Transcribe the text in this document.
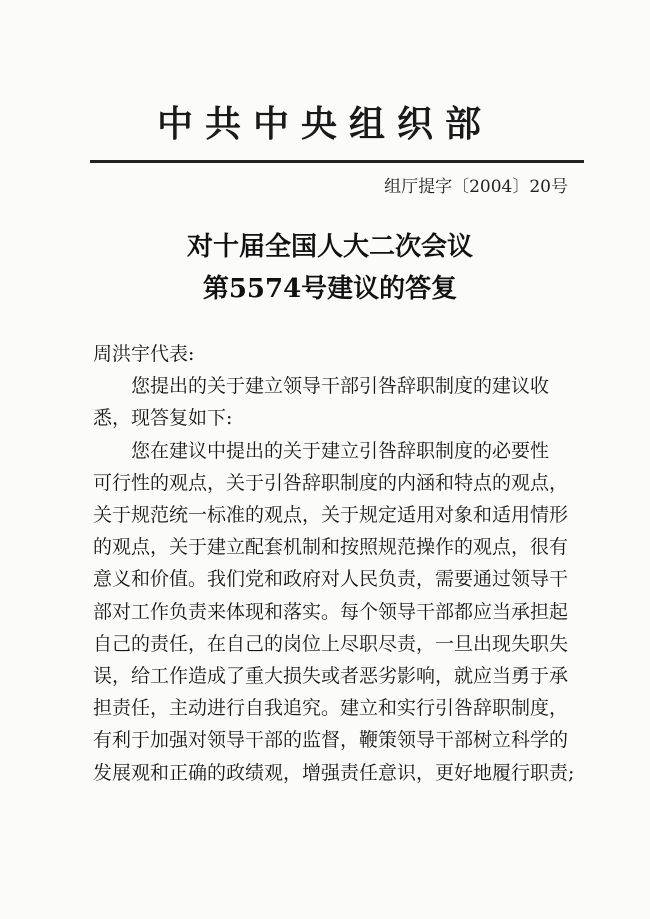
中共中央组织部
组厅提字〔2004〕20号
对十届全国人大二次会议
第5574号建议的答复

周洪宇代表:

您提出的关于建立领导干部引咎辞职制度的建议收

悉，现答复如下:

您在建议中提出的关于建立引咎辞职制度的必要性

可行性的观点，关于引咎辞职制度的内涵和特点的观点，

关于规范统一标准的观点，关于规定适用对象和适用情形

的观点，关于建立配套机制和按照规范操作的观点，很有

意义和价值。我们党和政府对人民负责，需要通过领导干

部对工作负责来体现和落实。每个领导干部都应当承担起

自己的责任，在自己的岗位上尽职尽责，一旦出现失职失

误，给工作造成了重大损失或者恶劣影响，就应当勇于承

担责任，主动进行自我追究。建立和实行引咎辞职制度，

有利于加强对领导干部的监督，鞭策领导干部树立科学的

发展观和正确的政绩观，增强责任意识，更好地履行职责;
